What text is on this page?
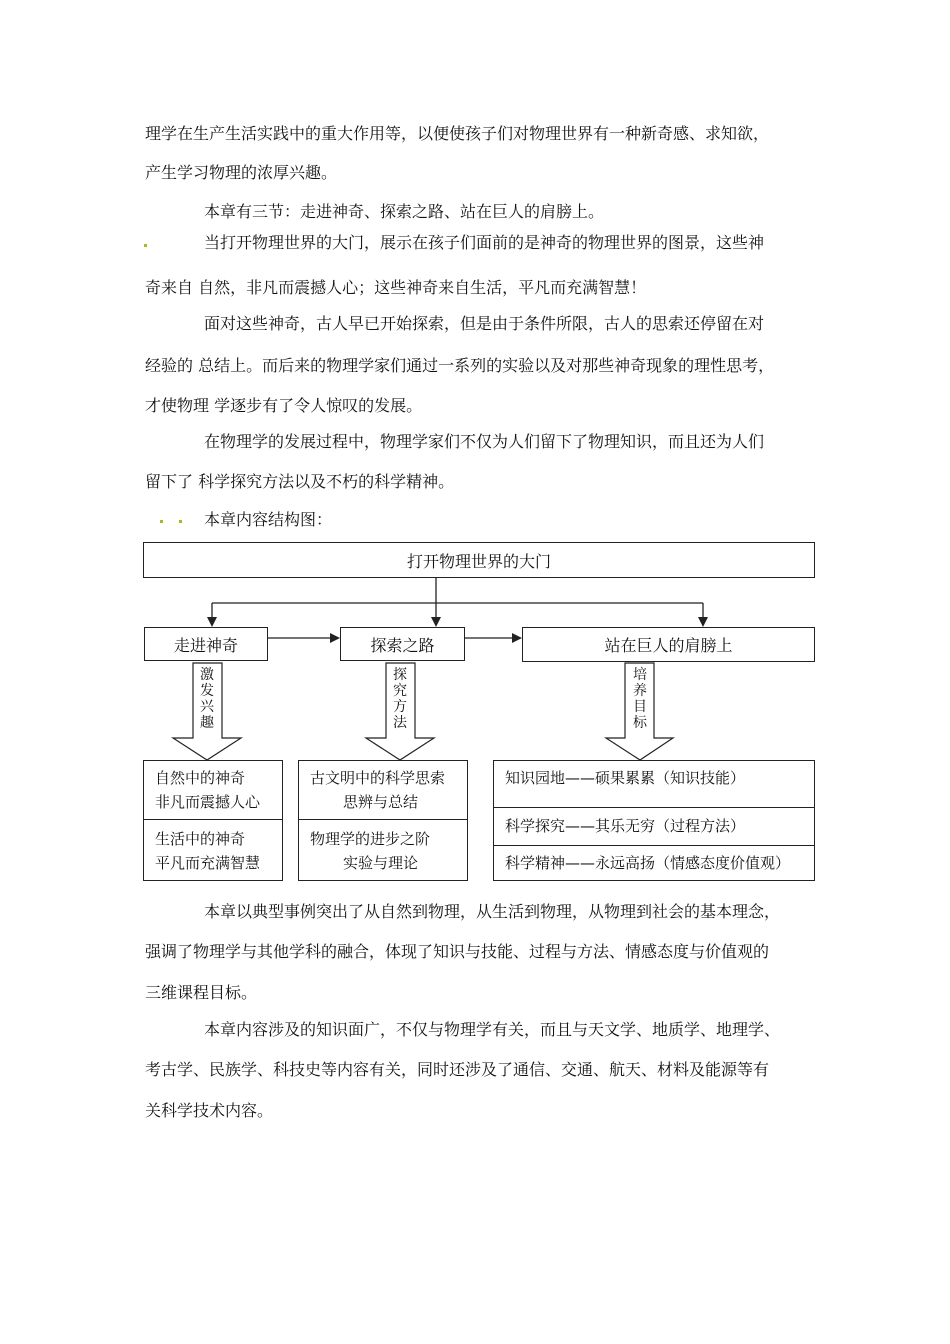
理学在生产生活实践中的重大作用等，以便使孩子们对物理世界有一种新奇感、求知欲，
产生学习物理的浓厚兴趣。
本章有三节：走进神奇、探索之路、站在巨人的肩膀上。
当打开物理世界的大门，展示在孩子们面前的是神奇的物理世界的图景，这些神
奇来自 自然，非凡而震撼人心；这些神奇来自生活，平凡而充满智慧！
面对这些神奇，古人早已开始探索，但是由于条件所限，古人的思索还停留在对
经验的 总结上。而后来的物理学家们通过一系列的实验以及对那些神奇现象的理性思考，
才使物理 学逐步有了令人惊叹的发展。
在物理学的发展过程中，物理学家们不仅为人们留下了物理知识，而且还为人们
留下了 科学探究方法以及不朽的科学精神。
本章内容结构图：
打开物理世界的大门
走进神奇	探索之路	站在巨人的肩膀上
激发兴趣
探究方法
培养目标
自然中的神奇
非凡而震撼人心
生活中的神奇
平凡而充满智慧
古文明中的科学思索
思辨与总结
物理学的进步之阶
实验与理论
知识园地——硕果累累（知识技能）
科学探究——其乐无穷（过程方法）
科学精神——永远高扬（情感态度价值观）
本章以典型事例突出了从自然到物理，从生活到物理，从物理到社会的基本理念，
强调了物理学与其他学科的融合，体现了知识与技能、过程与方法、情感态度与价值观的
三维课程目标。
本章内容涉及的知识面广，不仅与物理学有关，而且与天文学、地质学、地理学、
考古学、民族学、科技史等内容有关，同时还涉及了通信、交通、航天、材料及能源等有
关科学技术内容。
